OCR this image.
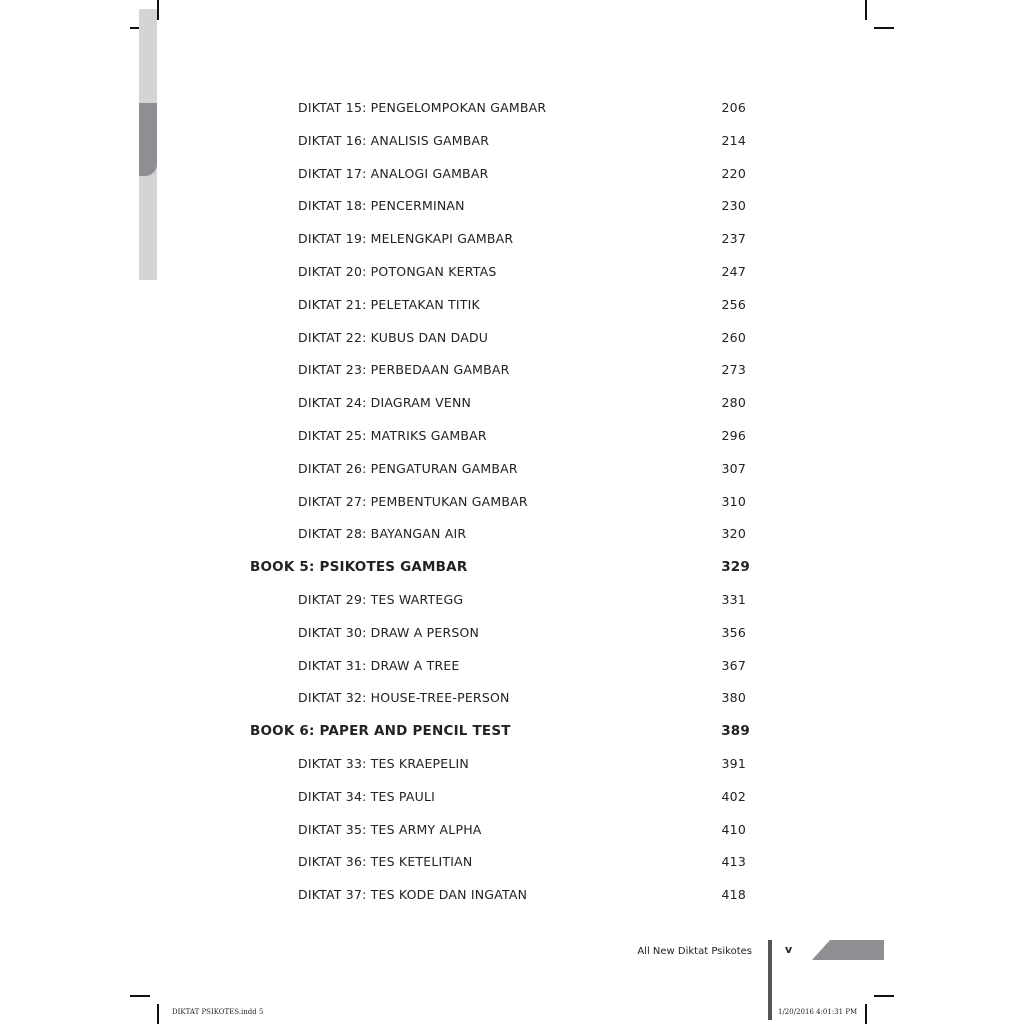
DIKTAT 15: PENGELOMPOKAN GAMBAR	206
DIKTAT 16: ANALISIS GAMBAR	214
DIKTAT 17: ANALOGI GAMBAR	220
DIKTAT 18: PENCERMINAN	230
DIKTAT 19: MELENGKAPI GAMBAR	237
DIKTAT 20: POTONGAN KERTAS	247
DIKTAT 21: PELETAKAN TITIK	256
DIKTAT 22: KUBUS DAN DADU	260
DIKTAT 23: PERBEDAAN GAMBAR	273
DIKTAT 24: DIAGRAM VENN	280
DIKTAT 25: MATRIKS GAMBAR	296
DIKTAT 26: PENGATURAN GAMBAR	307
DIKTAT 27: PEMBENTUKAN GAMBAR	310
DIKTAT 28: BAYANGAN AIR	320
BOOK 5: PSIKOTES GAMBAR	329
DIKTAT 29: TES WARTEGG	331
DIKTAT 30: DRAW A PERSON	356
DIKTAT 31: DRAW A TREE	367
DIKTAT 32: HOUSE-TREE-PERSON	380
BOOK 6: PAPER AND PENCIL TEST	389
DIKTAT 33: TES KRAEPELIN	391
DIKTAT 34: TES PAULI	402
DIKTAT 35: TES ARMY ALPHA	410
DIKTAT 36: TES KETELITIAN	413
DIKTAT 37: TES KODE DAN INGATAN	418
All New Diktat Psikotes	v
DIKTAT PSIKOTES.indd 5	1/20/2016 4:01:31 PM
